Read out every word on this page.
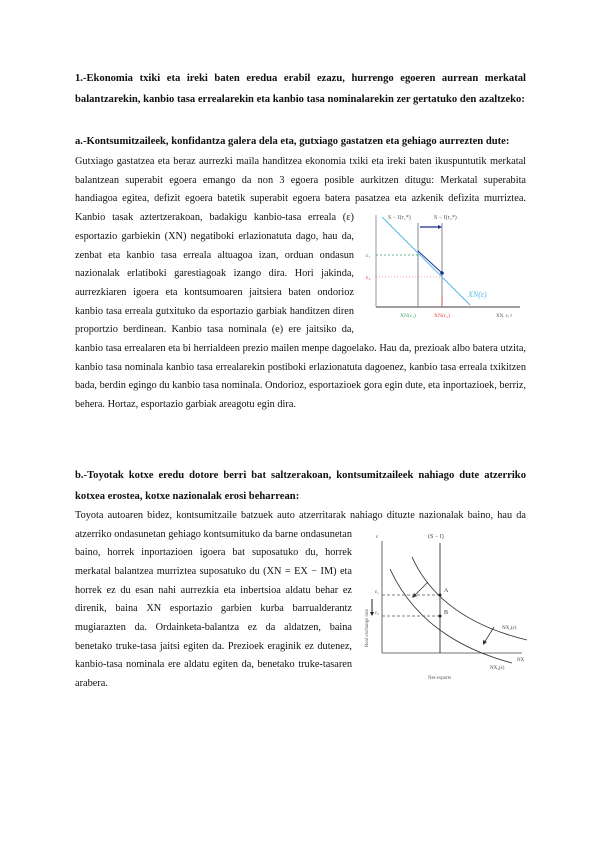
1.-Ekonomia txiki eta ireki baten eredua erabil ezazu, hurrengo egoeren aurrean merkatal balantzarekin, kanbio tasa errealarekin eta kanbio tasa nominalarekin zer gertatuko den azaltzeko:

a.-Kontsumitzaileek, konfidantza galera dela eta, gutxiago gastatzen eta gehiago aurrezten dute:

S − I(r₁*)	S − I(r₂*)
ε₁
ε₂
XN(ε)
XN, ε, r
XN(ε₁)	XN(ε₂)
Gutxiago gastatzea eta beraz aurrezki maila handitzea ekonomia txiki eta ireki baten ikuspuntutik merkatal balantzean superabit egoera emango da non 3 egoera posible aurkitzen ditugu: Merkatal superabita handiagoa egitea, defizit egoera batetik superabit egoera batera pasatzea eta azkenik defizita murriztea. Kanbio tasak aztertzerakoan, badakigu kanbio-tasa erreala (ε) esportazio garbiekin (XN) negatiboki erlazionatuta dago, hau da, zenbat eta kanbio tasa erreala altuagoa izan, orduan ondasun nazionalak erlatiboki garestiagoak izango dira. Hori jakinda, aurrezkiaren igoera eta kontsumoaren jaitsiera baten ondorioz kanbio tasa erreala gutxituko da esportazio garbiak handitzen diren proportzio berdinean. Kanbio tasa nominala (e) ere jaitsiko da, kanbio tasa errealaren eta bi herrialdeen prezio mailen menpe dagoelako. Hau da, prezioak albo batera utzita, kanbio tasa nominala kanbio tasa errealarekin postiboki erlazionatuta dagoenez, kanbio tasa erreala txikitzen bada, berdin egingo du kanbio tasa nominala. Ondorioz, esportazioek gora egin dute, eta inportazioek, berriz, behera. Hortaz, esportazio garbiak areagotu egin dira.

b.-Toyotak kotxe eredu dotore berri bat saltzerakoan, kontsumitzaileek nahiago dute atzerriko kotxea erostea, kotxe nazionalak erosi beharrean:

ε	(S − I)
A
B
ε₁
ε₂
Real exchange rate	NX₁(ε)
NX₂(ε)
NX
Net exports
Toyota autoaren bidez, kontsumitzaile batzuek auto atzerritarak nahiago dituzte nazionalak baino, hau da atzerriko ondasunetan gehiago kontsumituko da barne ondasunetan baino, horrek inportazioen igoera bat suposatuko du, horrek merkatal balantzea murriztea suposatuko du (XN = EX − IM) eta horrek ez du esan nahi aurrezkia eta inbertsioa aldatu behar ez direnik, baina XN esportazio garbien kurba barrualderantz mugiarazten da. Ordainketa-balantza ez da aldatzen, baina benetako truke-tasa jaitsi egiten da. Prezioek eraginik ez dutenez, kanbio-tasa nominala ere aldatu egiten da, benetako truke-tasaren arabera.
